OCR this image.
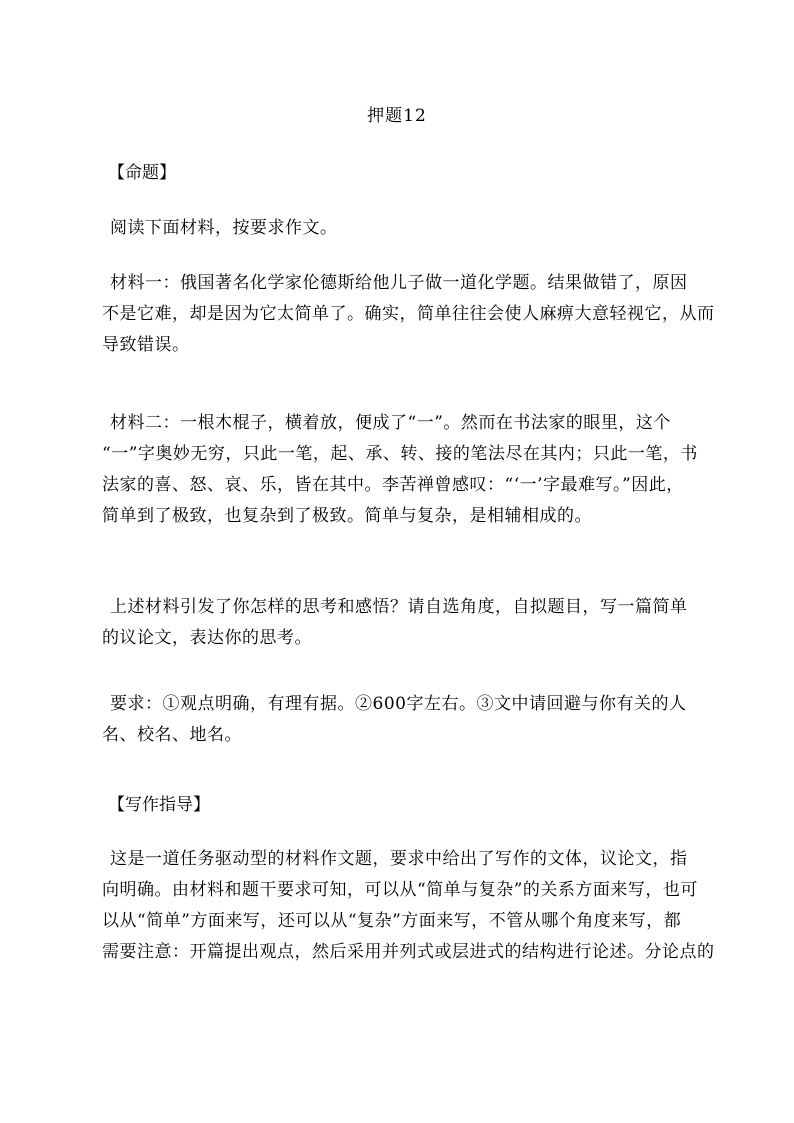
押题12
【命题】
阅读下面材料，按要求作文。
材料一：俄国著名化学家伦德斯给他儿子做一道化学题。结果做错了，原因
不是它难，却是因为它太简单了。确实，简单往往会使人麻痹大意轻视它，从而
导致错误。
材料二：一根木棍子，横着放，便成了“一”。然而在书法家的眼里，这个
“一”字奥妙无穷，只此一笔，起、承、转、接的笔法尽在其内；只此一笔，书
法家的喜、怒、哀、乐，皆在其中。李苦禅曾感叹：“‘一’字最难写。”因此，
简单到了极致，也复杂到了极致。简单与复杂，是相辅相成的。
上述材料引发了你怎样的思考和感悟？请自选角度，自拟题目，写一篇简单
的议论文，表达你的思考。
要求：①观点明确，有理有据。②600字左右。③文中请回避与你有关的人
名、校名、地名。
【写作指导】
这是一道任务驱动型的材料作文题，要求中给出了写作的文体，议论文，指
向明确。由材料和题干要求可知，可以从“简单与复杂”的关系方面来写，也可
以从“简单”方面来写，还可以从“复杂”方面来写，不管从哪个角度来写，都
需要注意：开篇提出观点，然后采用并列式或层进式的结构进行论述。分论点的
